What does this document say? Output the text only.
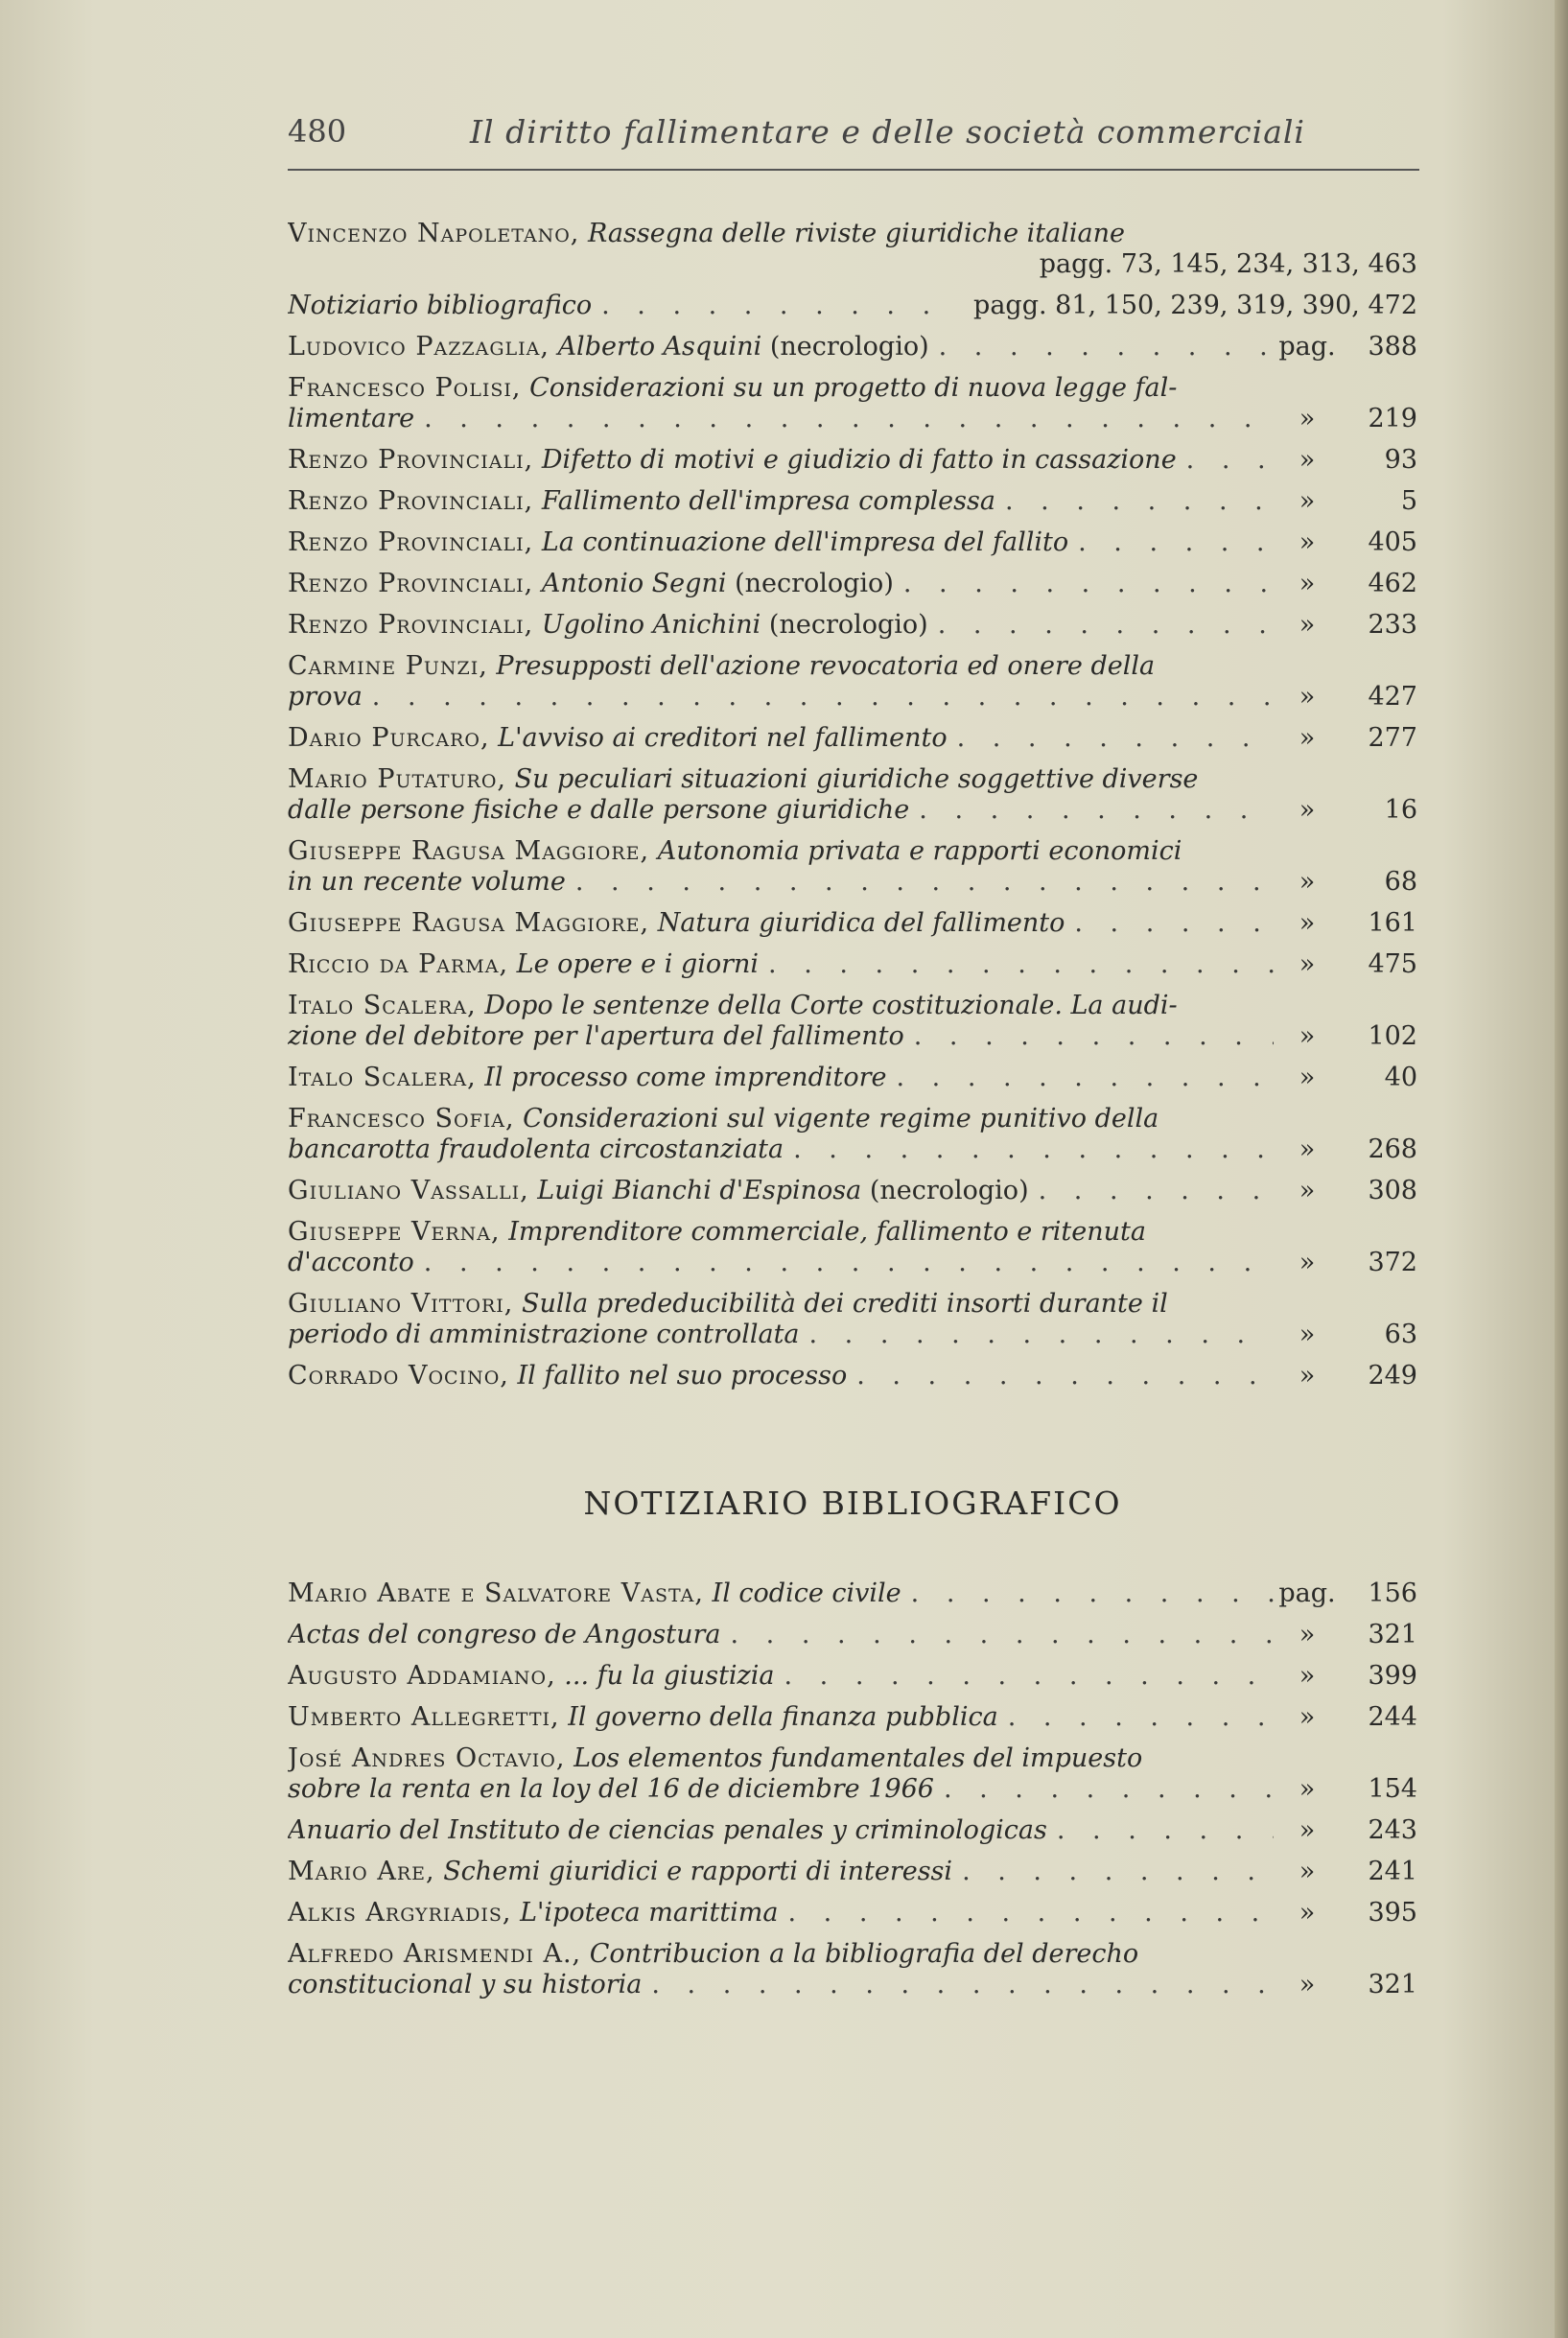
480	Il diritto fallimentare e delle società commerciali
Vincenzo Napoletano,
Rassegna delle riviste giuridiche italiane
pagg. 73, 145, 234, 313, 463
Notiziario bibliografico . . .	pagg. 81, 150, 239, 319, 390, 472
Ludovico Pazzaglia,
Alberto Asquini
(necrologio) . . .	pag.	388
Francesco Polisi,
Considerazioni su un progetto di nuova legge fal-
limentare . . .	»	219
Renzo Provinciali,
Difetto di motivi e giudizio di fatto in cassazione . . .	»	93
Renzo Provinciali,
Fallimento dell'impresa complessa . . .	»	5
Renzo Provinciali,
La continuazione dell'impresa del fallito . . .	»	405
Renzo Provinciali,
Antonio Segni
(necrologio) . . .	»	462
Renzo Provinciali,
Ugolino Anichini
(necrologio) . . .	»	233
Carmine Punzi,
Presupposti dell'azione revocatoria ed onere della
prova . . .	»	427
Dario Purcaro,
L'avviso ai creditori nel fallimento . . .	»	277
Mario Putaturo,
Su peculiari situazioni giuridiche soggettive diverse
dalle persone fisiche e dalle persone giuridiche . . .	»	16
Giuseppe Ragusa Maggiore,
Autonomia privata e rapporti economici
in un recente volume . . .	»	68
Giuseppe Ragusa Maggiore,
Natura giuridica del fallimento . . .	»	161
Riccio da Parma,
Le opere e i giorni . . .	»	475
Italo Scalera,
Dopo le sentenze della Corte costituzionale. La audi-
zione del debitore per l'apertura del fallimento . . .	»	102
Italo Scalera,
Il processo come imprenditore . . .	»	40
Francesco Sofia,
Considerazioni sul vigente regime punitivo della
bancarotta fraudolenta circostanziata . . .	»	268
Giuliano Vassalli,
Luigi Bianchi d'Espinosa
(necrologio) . . .	»	308
Giuseppe Verna,
Imprenditore commerciale, fallimento e ritenuta
d'acconto . . .	»	372
Giuliano Vittori,
Sulla prededucibilità dei crediti insorti durante il
periodo di amministrazione controllata . . .	»	63
Corrado Vocino,
Il fallito nel suo processo . . .	»	249
NOTIZIARIO BIBLIOGRAFICO
Mario Abate e Salvatore Vasta,
Il codice civile . . .	pag.	156
Actas del congreso de Angostura . . .	»	321
Augusto Addamiano,
... fu la giustizia . . .	»	399
Umberto Allegretti,
Il governo della finanza pubblica . . .	»	244
José Andres Octavio,
Los elementos fundamentales del impuesto
sobre la renta en la loy del 16 de diciembre 1966 . . .	»	154
Anuario del Instituto de ciencias penales y criminologicas . . .	»	243
Mario Are,
Schemi giuridici e rapporti di interessi . . .	»	241
Alkis Argyriadis,
L'ipoteca marittima . . .	»	395
Alfredo Arismendi A.,
Contribucion a la bibliografia del derecho
constitucional y su historia . . .	»	321
